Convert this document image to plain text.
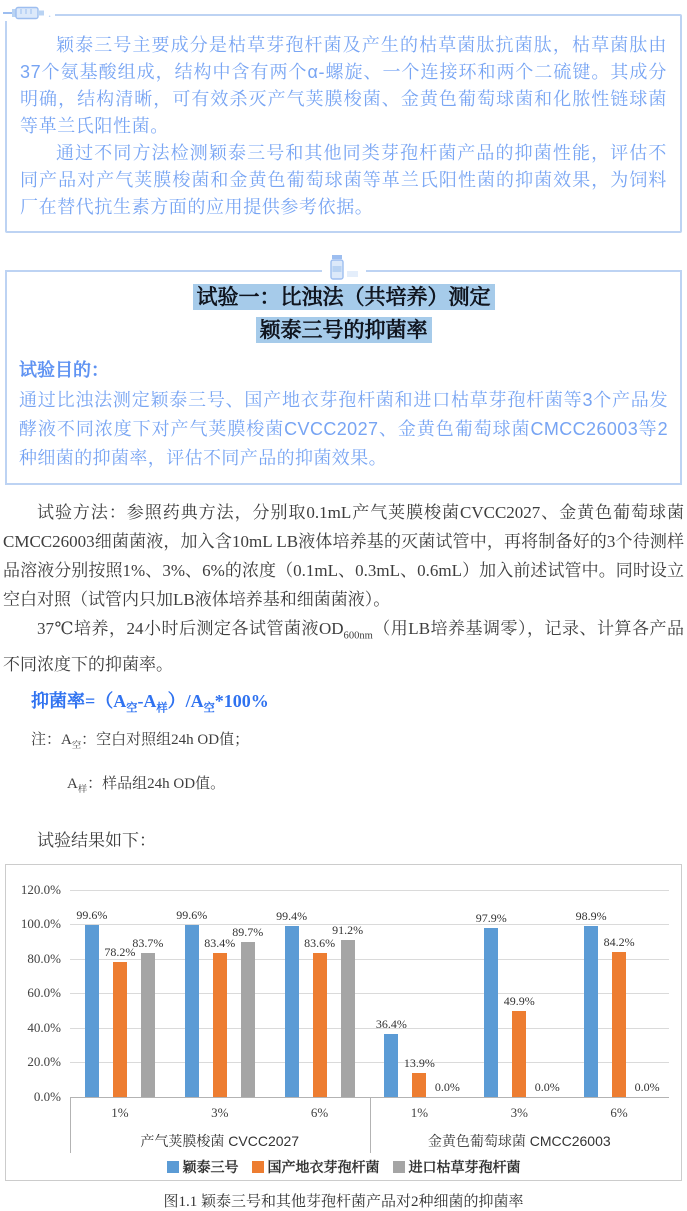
.

颖泰三号主要成分是枯草芽孢杆菌及产生的枯草菌肽抗菌肽，枯草菌肽由37个氨基酸组成，结构中含有两个α-螺旋、一个连接环和两个二硫键。其成分明确，结构清晰，可有效杀灭产气荚膜梭菌、金黄色葡萄球菌和化脓性链球菌等革兰氏阳性菌。

通过不同方法检测颖泰三号和其他同类芽孢杆菌产品的抑菌性能，评估不同产品对产气荚膜梭菌和金黄色葡萄球菌等革兰氏阳性菌的抑菌效果，为饲料厂在替代抗生素方面的应用提供参考依据。

试验一：比浊法（共培养）测定
颖泰三号的抑菌率
试验目的：

通过比浊法测定颖泰三号、国产地衣芽孢杆菌和进口枯草芽孢杆菌等3个产品发酵液不同浓度下对产气荚膜梭菌CVCC2027、金黄色葡萄球菌CMCC26003等2种细菌的抑菌率，评估不同产品的抑菌效果。

试验方法：参照药典方法，分别取0.1mL产气荚膜梭菌CVCC2027、金黄色葡萄球菌CMCC26003细菌菌液，加入含10mL LB液体培养基的灭菌试管中，再将制备好的3个待测样品溶液分别按照1%、3%、6%的浓度（0.1mL、0.3mL、0.6mL）加入前述试管中。同时设立空白对照（试管内只加LB液体培养基和细菌菌液）。

37℃培养，24小时后测定各试管菌液$OD_{600nm}$（用LB培养基调零），记录、计算各产品不同浓度下的抑菌率。

抑菌率$=(A_空-A_样)/A_空*100\%$

注：$A_空$：空白对照组24h OD值；

$A_样$：样品组24h OD值。

试验结果如下：

120.0%
100.0%
80.0%
60.0%
40.0%
20.0%
0.0%
99.6%	99.6%	99.4%
36.4%
97.9%	98.9%
78.2%
83.4%	83.6%
13.9%
49.9%
84.2%
83.7%
89.7%	91.2%
0.0%	0.0%	0.0%
1%	3%	6%	1%	3%	6%
产气荚膜梭菌 CVCC2027	金黄色葡萄球菌 CMCC26003
颖泰三号 国产地衣芽孢杆菌 进口枯草芽孢杆菌
图1.1 颖泰三号和其他芽孢杆菌产品对2种细菌的抑菌率
